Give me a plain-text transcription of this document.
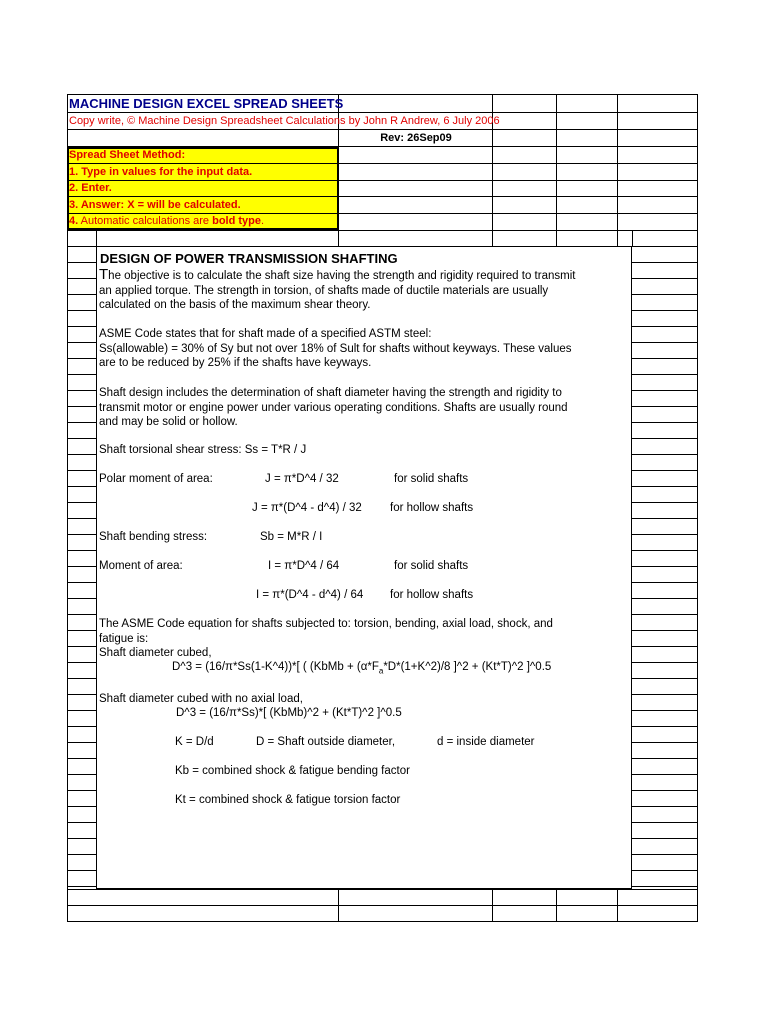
MACHINE DESIGN EXCEL SPREAD SHEETS
Copy write, © Machine Design Spreadsheet Calculations by John R Andrew, 6 July 2006
Rev: 26Sep09
Spread Sheet Method:
1. Type in values for the input data.
2. Enter.
3. Answer: X = will be calculated.
4. Automatic calculations are bold type.
DESIGN OF POWER TRANSMISSION SHAFTING
The objective is to calculate the shaft size having the strength and rigidity required to transmit
an applied torque. The strength in torsion, of shafts made of ductile materials are usually
calculated on the basis of the maximum shear theory.
ASME Code states that for shaft made of a specified ASTM steel:
Ss(allowable) = 30% of Sy but not over 18% of Sult for shafts without keyways. These values
are to be reduced by 25% if the shafts have keyways.
Shaft design includes the determination of shaft diameter having the strength and rigidity to
transmit motor or engine power under various operating conditions. Shafts are usually round
and may be solid or hollow.
Shaft torsional shear stress: Ss = T*R / J
Polar moment of area:	J = π*D^4 / 32	for solid shafts
J = π*(D^4 - d^4) / 32 for hollow shafts
Shaft bending stress:	Sb = M*R / I
Moment of area:	I = π*D^4 / 64	for solid shafts
I = π*(D^4 - d^4) / 64 for hollow shafts
The ASME Code equation for shafts subjected to: torsion, bending, axial load, shock, and
fatigue is:
Shaft diameter cubed,
D^3 = (16/π*Ss(1-K^4))*[ ( (KbMb + ($\alpha*F_a*D*(1+K\^{}2)/8$ ]^2 + (Kt*T)^2 ]^0.5
Shaft diameter cubed with no axial load,
D^3 = (16/π*Ss)*[ (KbMb)^2 + (Kt*T)^2 ]^0.5
K = D/d	D = Shaft outside diameter,	d = inside diameter
Kb = combined shock & fatigue bending factor
Kt = combined shock & fatigue torsion factor
